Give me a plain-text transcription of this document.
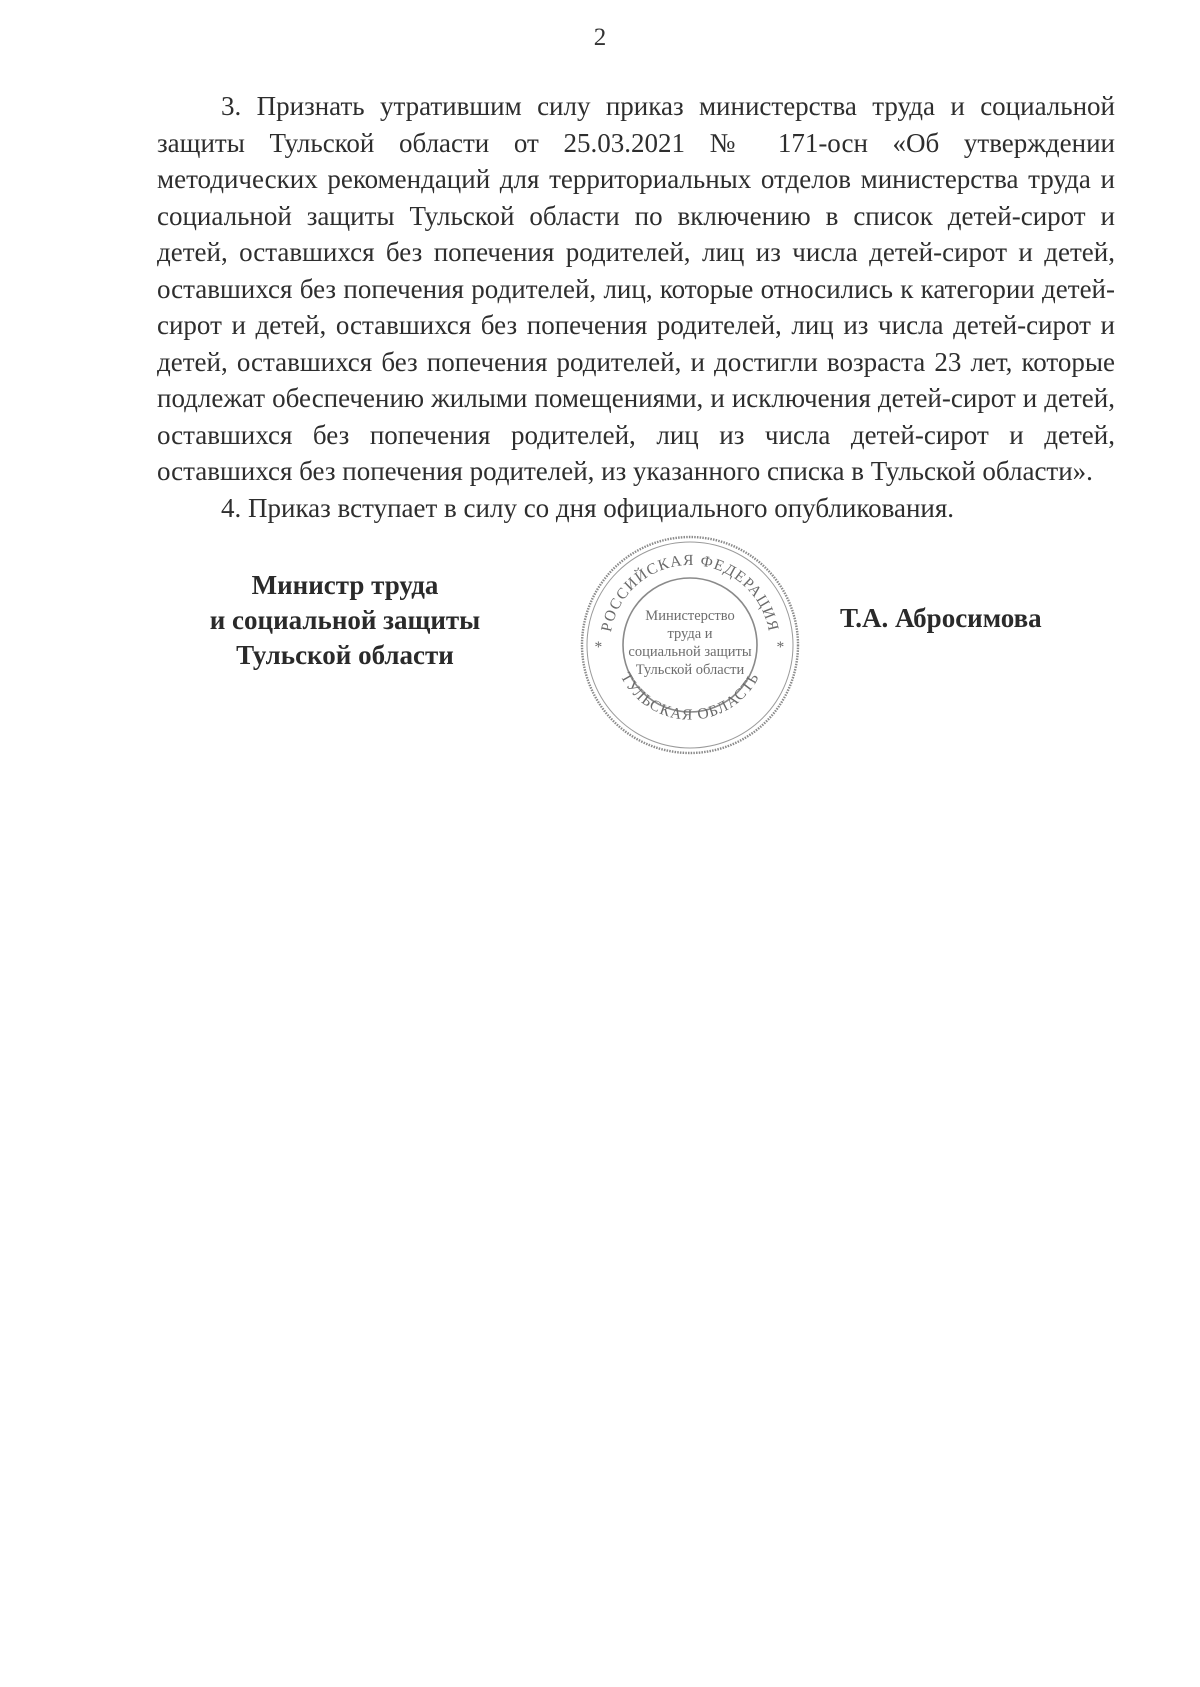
2

3. Признать утратившим силу приказ министерства труда и социальной защиты Тульской области от 25.03.2021 № 171-осн «Об утверждении методических рекомендаций для территориальных отделов министерства труда и социальной защиты Тульской области по включению в список детей-сирот и детей, оставшихся без попечения родителей, лиц из числа детей-сирот и детей, оставшихся без попечения родителей, лиц, которые относились к категории детей-сирот и детей, оставшихся без попечения родителей, лиц из числа детей-сирот и детей, оставшихся без попечения родителей, и достигли возраста 23 лет, которые подлежат обеспечению жилыми помещениями, и исключения детей-сирот и детей, оставшихся без попечения родителей, лиц из числа детей-сирот и детей, оставшихся без попечения родителей, из указанного списка в Тульской области».

4. Приказ вступает в силу со дня официального опубликования.

Министр труда
и социальной защиты
Тульской области
РОССИЙСКАЯ ФЕДЕРАЦИЯ
ТУЛЬСКАЯ ОБЛАСТЬ
*	*
Министерство
труда и
социальной защиты
Тульской области
Т.А. Абросимова
